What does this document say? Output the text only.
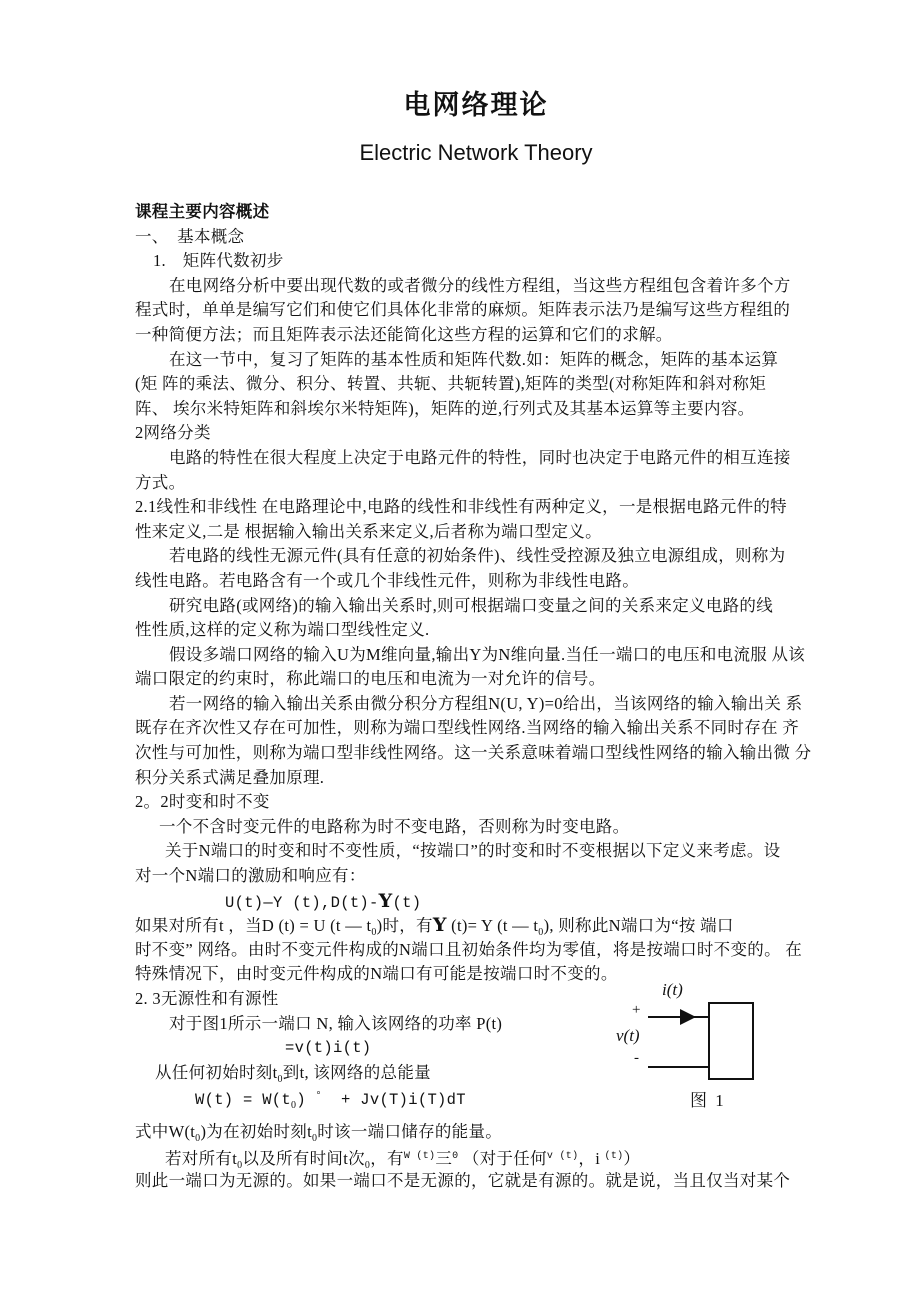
电网络理论
Electric Network Theory
课程主要内容概述
一、　基本概念
1.　矩阵代数初步
在电网络分析中要出现代数的或者微分的线性方程组，当这些方程组包含着许多个方
程式时，单单是编写它们和使它们具体化非常的麻烦。矩阵表示法乃是编写这些方程组的
一种简便方法；而且矩阵表示法还能简化这些方程的运算和它们的求解。
在这一节中，复习了矩阵的基本性质和矩阵代数.如：矩阵的概念，矩阵的基本运算
(矩 阵的乘法、微分、积分、转置、共轭、共轭转置),矩阵的类型(对称矩阵和斜对称矩
阵、 埃尔米特矩阵和斜埃尔米特矩阵)，矩阵的逆,行列式及其基本运算等主要内容。
2网络分类
电路的特性在很大程度上决定于电路元件的特性，同时也决定于电路元件的相互连接
方式。
2.1线性和非线性 在电路理论中,电路的线性和非线性有两种定义，一是根据电路元件的特
性来定义,二是 根据输入输出关系来定义,后者称为端口型定义。
若电路的线性无源元件(具有任意的初始条件)、线性受控源及独立电源组成，则称为
线性电路。若电路含有一个或几个非线性元件，则称为非线性电路。
研究电路(或网络)的输入输出关系时,则可根据端口变量之间的关系来定义电路的线
性性质,这样的定义称为端口型线性定义.
假设多端口网络的输入U为M维向量,输出Y为N维向量.当任一端口的电压和电流服 从该
端口限定的约束时，称此端口的电压和电流为一对允许的信号。
若一网络的输入输出关系由微分积分方程组N(U, Y)=0给出，当该网络的输入输出关 系
既存在齐次性又存在可加性，则称为端口型线性网络.当网络的输入输出关系不同时存在 齐
次性与可加性，则称为端口型非线性网络。这一关系意味着端口型线性网络的输入输出微 分
积分关系式满足叠加原理.
2。2时变和时不变
一个不含时变元件的电路称为时不变电路，否则称为时变电路。
关于N端口的时变和时不变性质，“按端口”的时变和时不变根据以下定义来考虑。设
对一个N端口的激励和响应有：
U(t)—Y (t),D(t)-Y(t)
如果对所有t ，当D (t) = U (t — $t_0$)时，有Y (t)= Y (t — $t_0$), 则称此N端口为“按 端口
时不变” 网络。由时不变元件构成的N端口且初始条件均为零值，将是按端口时不变的。 在
特殊情况下，由时变元件构成的N端口有可能是按端口时不变的。
2. 3无源性和有源性
对于图1所示一端口 N, 输入该网络的功率 P(t)
=v(t)i(t)
从任何初始时刻$t_0$到t, 该网络的总能量
$W(t) = W(t_0) ^\circ + Jv(T)i(T)dT$
式中$W(t_0)$为在初始时刻$t_0$时该一端口储存的能量。
若对所有$t_0$以及所有时间t次$_0$，有$^{W (t)}$三$^0$ （对于任何$^{v (t)}$，i $^{(t)}$）
则此一端口为无源的。如果一端口不是无源的，它就是有源的。就是说，当且仅当对某个
i(t)
+
v(t)
-
图 1
